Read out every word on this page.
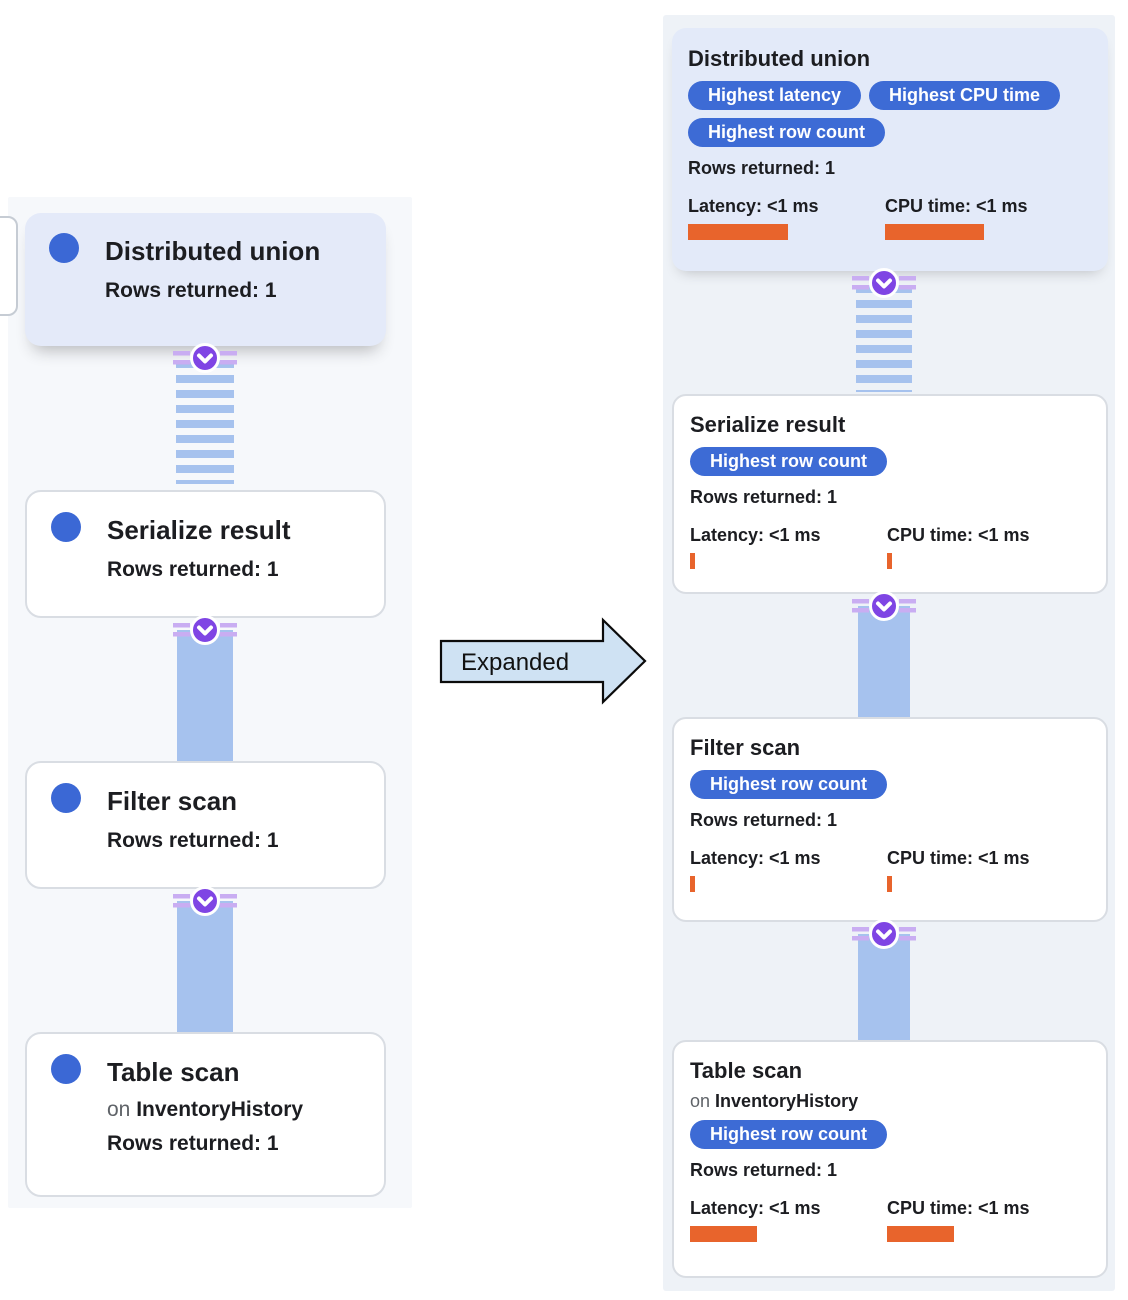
Distributed union
Rows returned: 1
Serialize result
Rows returned: 1
Filter scan
Rows returned: 1
Table scan
on InventoryHistory
Rows returned: 1
Expanded
Distributed union
Highest latency	Highest CPU time
Highest row count
Rows returned: 1
Latency: <1 ms	CPU time: <1 ms
Serialize result
Highest row count
Rows returned: 1
Latency: <1 ms	CPU time: <1 ms
Filter scan
Highest row count
Rows returned: 1
Latency: <1 ms	CPU time: <1 ms
Table scan
on InventoryHistory
Highest row count
Rows returned: 1
Latency: <1 ms	CPU time: <1 ms
